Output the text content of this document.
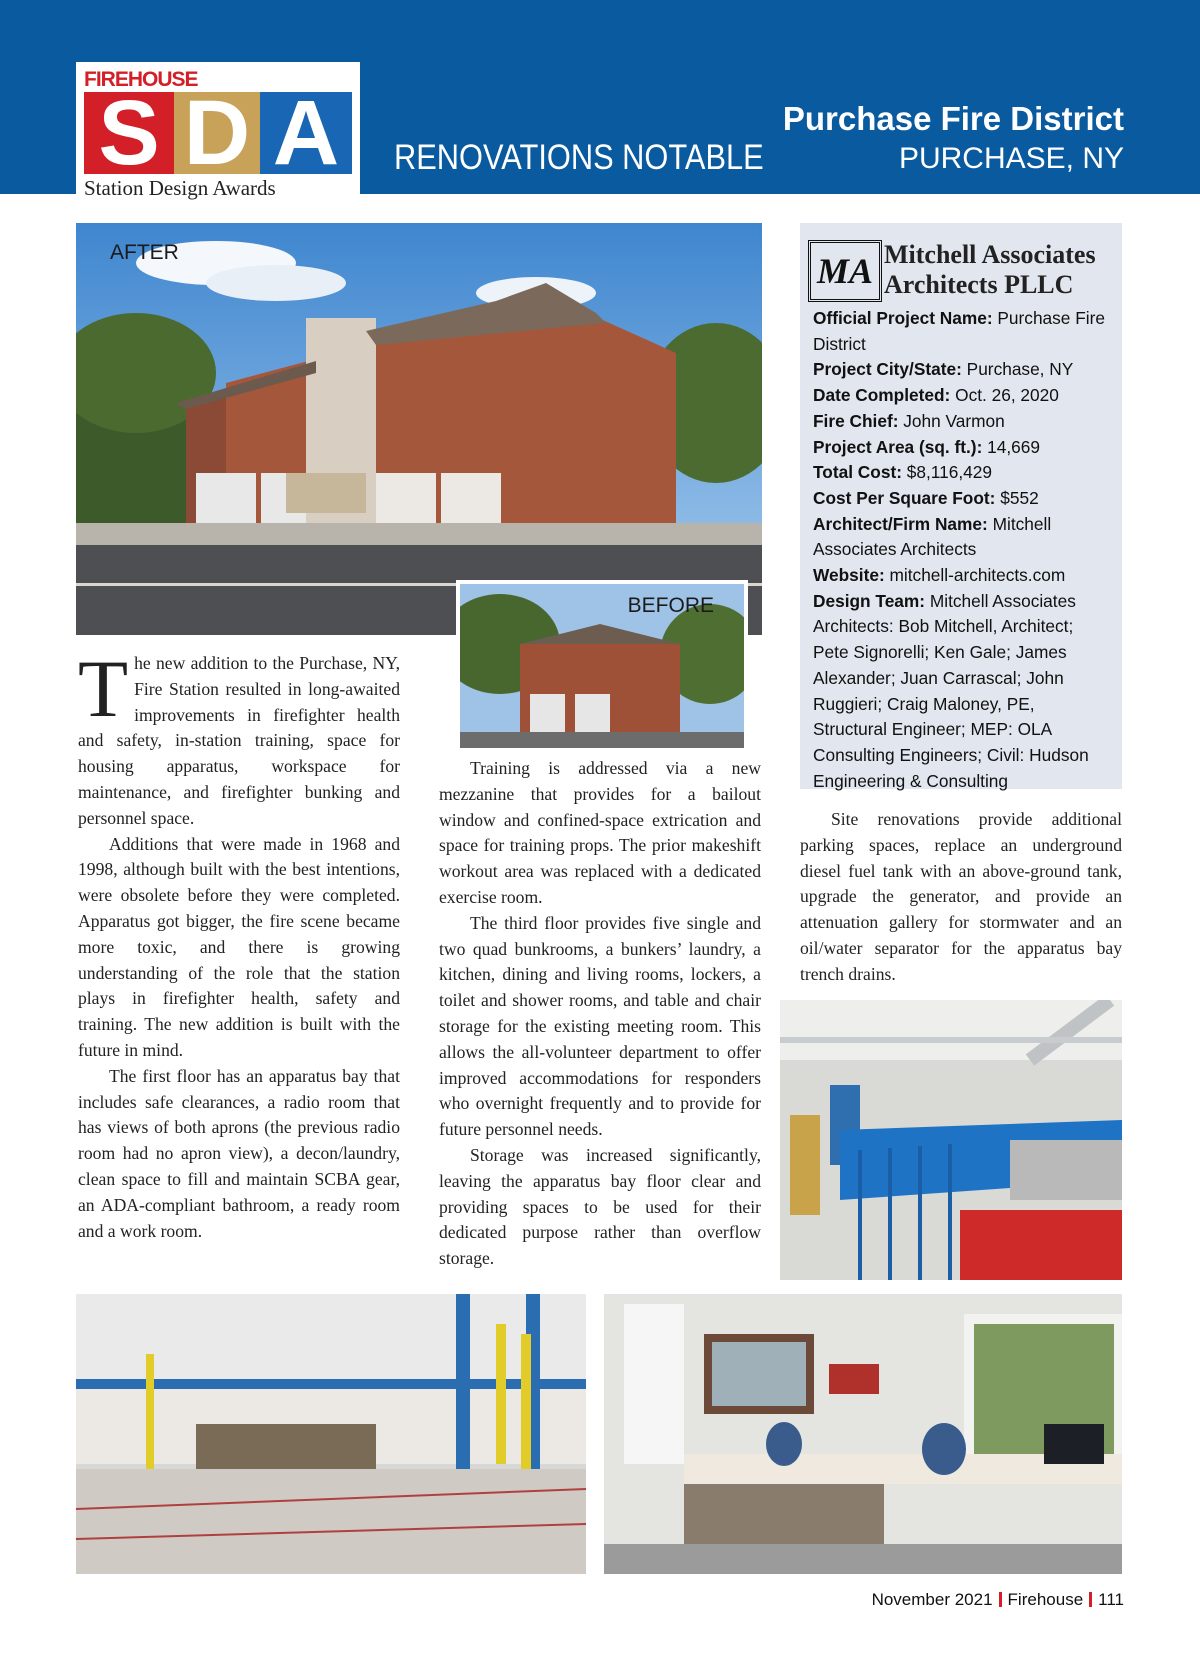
FIREHOUSE
S D A
Station Design Awards
RENOVATIONS NOTABLE
Purchase Fire District
PURCHASE, NY
AFTER
BEFORE
MA Mitchell Associates
Architects PLLC
Official Project Name: Purchase Fire District
Project City/State: Purchase, NY
Date Completed: Oct. 26, 2020
Fire Chief: John Varmon
Project Area (sq. ft.): 14,669
Total Cost: $8,116,429
Cost Per Square Foot: $552
Architect/Firm Name: Mitchell Associates Architects
Website: mitchell-architects.com
Design Team: Mitchell Associates Architects: Bob Mitchell, Architect; Pete Signorelli; Ken Gale; James Alexander; Juan Carrascal; John Ruggieri; Craig Maloney, PE, Structural Engineer; MEP: OLA Consulting Engineers; Civil: Hudson Engineering & Consulting

The new addition to the Purchase, NY, Fire Station resulted in long-awaited improvements in firefighter health and safety, in-station training, space for housing apparatus, workspace for maintenance, and firefighter bunking and personnel space.

Additions that were made in 1968 and 1998, although built with the best intentions, were obsolete before they were completed. Apparatus got bigger, the fire scene became more toxic, and there is growing understanding of the role that the station plays in firefighter health, safety and training. The new addition is built with the future in mind.

The first floor has an apparatus bay that includes safe clearances, a radio room that has views of both aprons (the previous radio room had no apron view), a decon/laundry, clean space to fill and maintain SCBA gear, an ADA-compliant bathroom, a ready room and a work room.

Training is addressed via a new mezzanine that provides for a bailout window and confined-space extrication and space for training props. The prior makeshift workout area was replaced with a dedicated exercise room.

The third floor provides five single and two quad bunkrooms, a bunkers’ laundry, a kitchen, dining and living rooms, lockers, a toilet and shower rooms, and table and chair storage for the existing meeting room. This allows the all-volunteer department to offer improved accommodations for responders who overnight frequently and to provide for future personnel needs.

Storage was increased significantly, leaving the apparatus bay floor clear and providing spaces to be used for their dedicated purpose rather than overflow storage.

Site renovations provide additional parking spaces, replace an underground diesel fuel tank with an above-ground tank, upgrade the generator, and provide an attenuation gallery for stormwater and an oil/water separator for the apparatus bay trench drains.

November 2021 Firehouse 111
